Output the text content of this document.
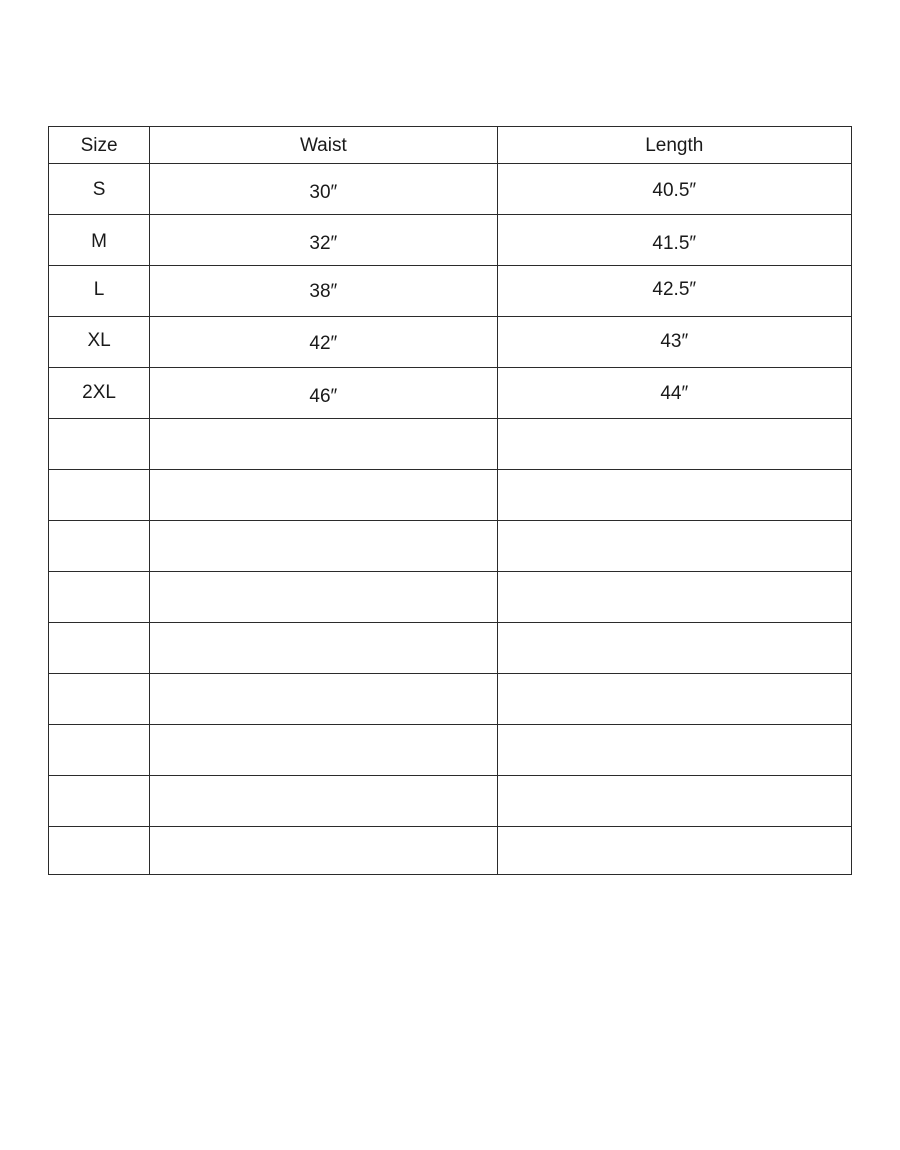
Size	Waist	Length

S	30″	40.5″

M	32″	41.5″

L	38″	42.5″

XL	42″	43″

2XL	46″	44″
